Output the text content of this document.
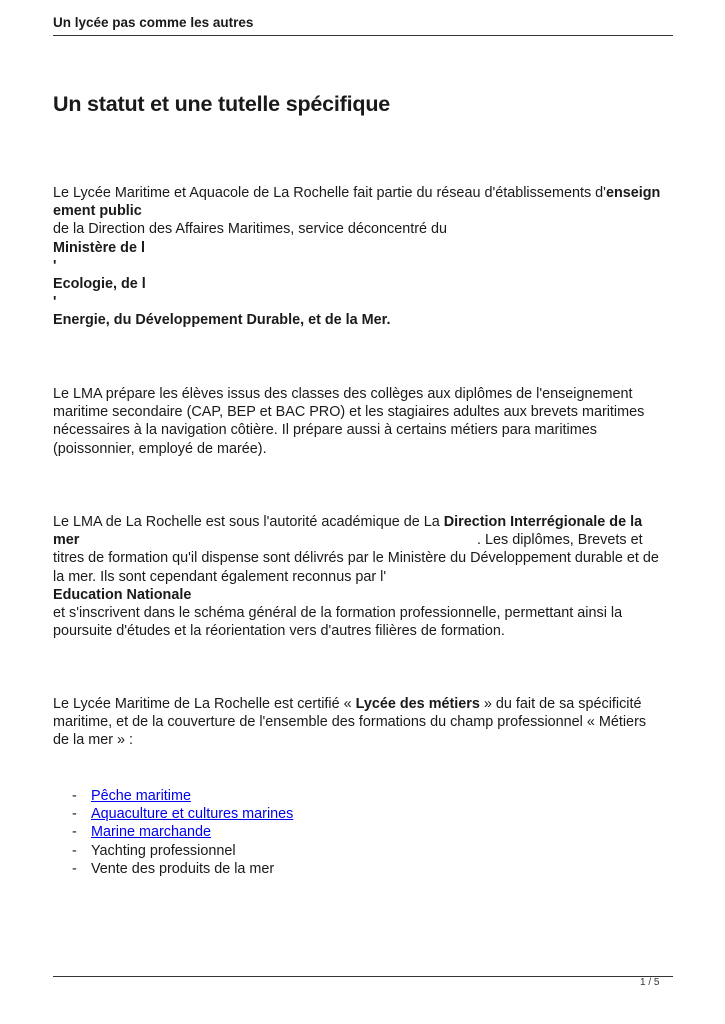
Un lycée pas comme les autres
Un statut et une tutelle spécifique
Le Lycée Maritime et Aquacole de La Rochelle fait partie du réseau d'établissements d'enseign
ement public
de la Direction des Affaires Maritimes, service déconcentré du
Ministère de l
'
Ecologie, de l
'
Energie, du Développement Durable, et de la Mer.
Le LMA prépare les élèves issus des classes des collèges aux diplômes de l'enseignement
maritime secondaire (CAP, BEP et BAC PRO) et les stagiaires adultes aux brevets maritimes
nécessaires à la navigation côtière. Il prépare aussi à certains métiers para maritimes
(poissonnier, employé de marée).
Le LMA de La Rochelle est sous l'autorité académique de La Direction Interrégionale de la
mer	. Les diplômes, Brevets et
titres de formation qu'il dispense sont délivrés par le Ministère du Développement durable et de
la mer. Ils sont cependant également reconnus par l'
Education Nationale
et s'inscrivent dans le schéma général de la formation professionnelle, permettant ainsi la
poursuite d'études et la réorientation vers d'autres filières de formation.
Le Lycée Maritime de La Rochelle est certifié « Lycée des métiers » du fait de sa spécificité
maritime, et de la couverture de l'ensemble des formations du champ professionnel « Métiers
de la mer » :
- Pêche maritime
- Aquaculture et cultures marines
- Marine marchande
- Yachting professionnel
- Vente des produits de la mer
1 / 5
